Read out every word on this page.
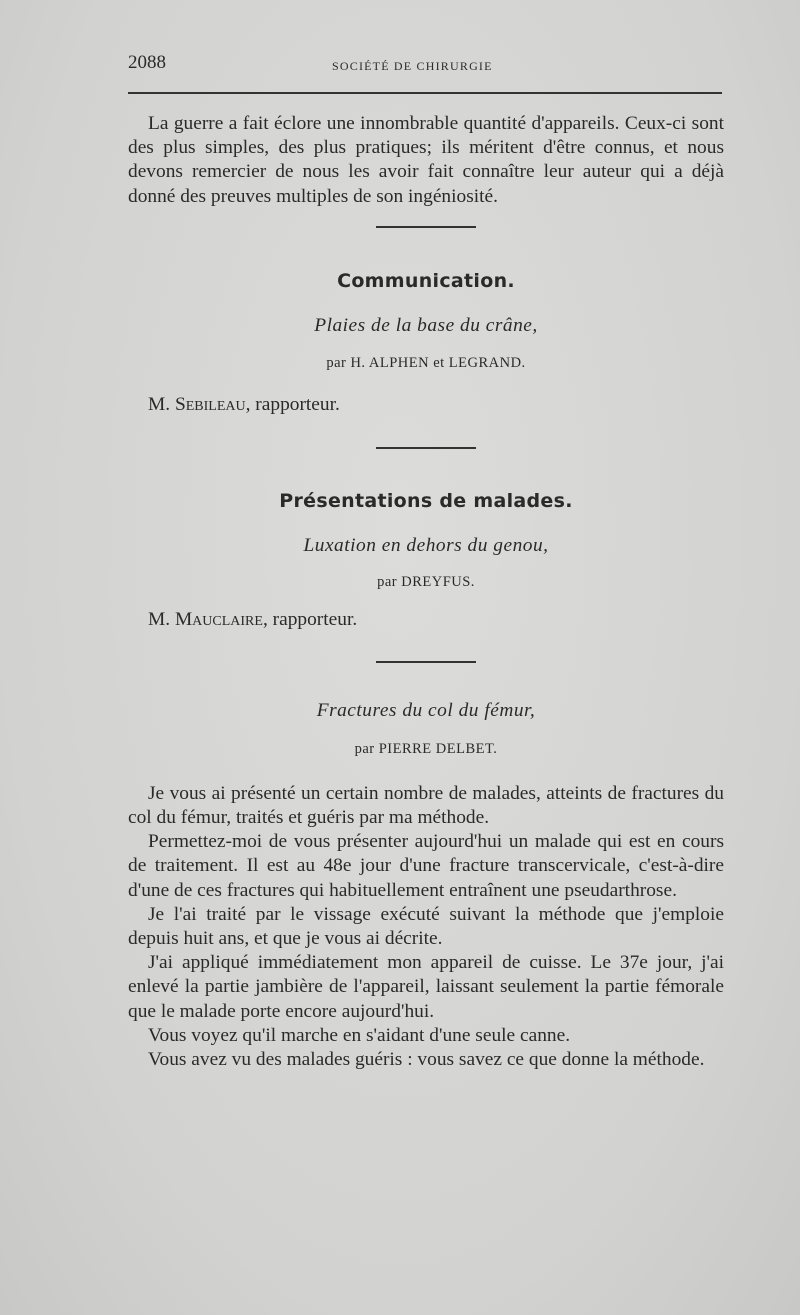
2088	SOCIÉTÉ DE CHIRURGIE

La guerre a fait éclore une innombrable quantité d'appareils. Ceux-ci sont des plus simples, des plus pratiques; ils méritent d'être connus, et nous devons remercier de nous les avoir fait connaître leur auteur qui a déjà donné des preuves multiples de son ingéniosité.

Communication.
Plaies de la base du crâne,
par H. ALPHEN et LEGRAND.

M. Sebileau, rapporteur.

Présentations de malades.
Luxation en dehors du genou,
par DREYFUS.

M. Mauclaire, rapporteur.

Fractures du col du fémur,
par PIERRE DELBET.

Je vous ai présenté un certain nombre de malades, atteints de fractures du col du fémur, traités et guéris par ma méthode.

Permettez-moi de vous présenter aujourd'hui un malade qui est en cours de traitement. Il est au 48e jour d'une fracture transcervicale, c'est-à-dire d'une de ces fractures qui habituellement entraînent une pseudarthrose.

Je l'ai traité par le vissage exécuté suivant la méthode que j'emploie depuis huit ans, et que je vous ai décrite.

J'ai appliqué immédiatement mon appareil de cuisse. Le 37e jour, j'ai enlevé la partie jambière de l'appareil, laissant seulement la partie fémorale que le malade porte encore aujourd'hui.

Vous voyez qu'il marche en s'aidant d'une seule canne.

Vous avez vu des malades guéris : vous savez ce que donne la méthode.
